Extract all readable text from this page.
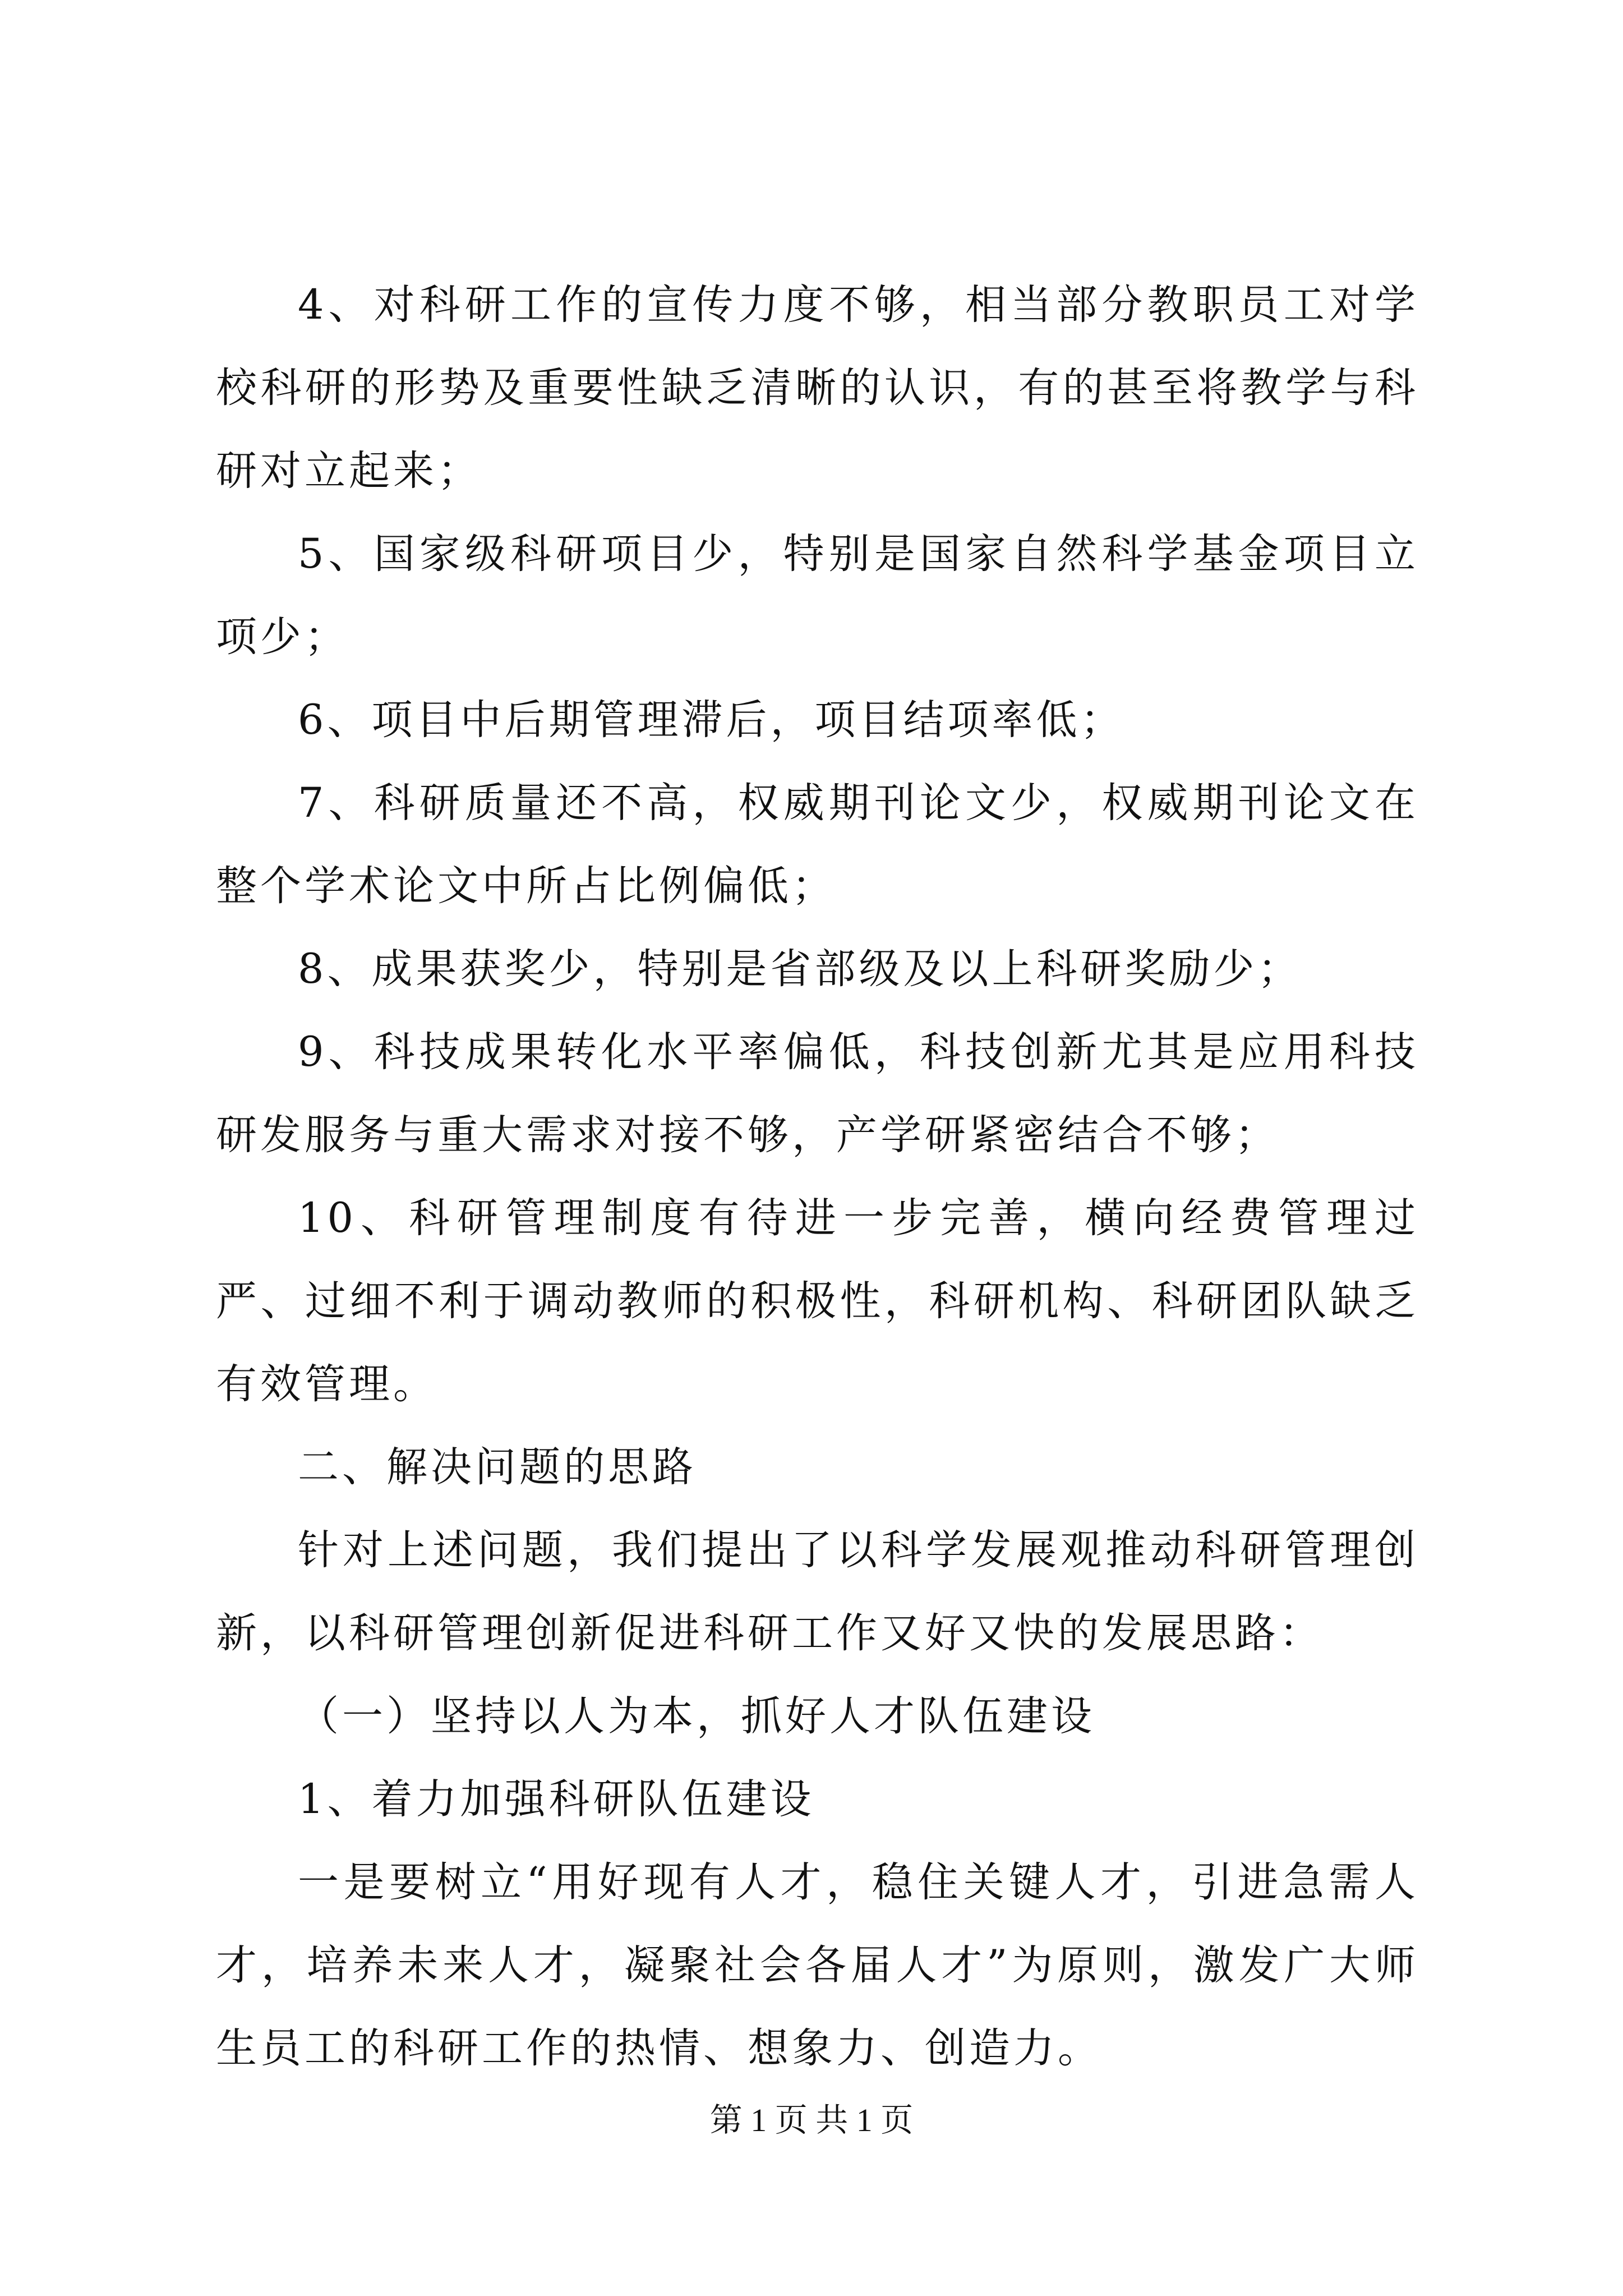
4、对科研工作的宣传力度不够，相当部分教职员工对学校科研的形势及重要性缺乏清晰的认识，有的甚至将教学与科研对立起来；

5、国家级科研项目少，特别是国家自然科学基金项目立项少；

6、项目中后期管理滞后，项目结项率低；

7、科研质量还不高，权威期刊论文少，权威期刊论文在整个学术论文中所占比例偏低；

8、成果获奖少，特别是省部级及以上科研奖励少；

9、科技成果转化水平率偏低，科技创新尤其是应用科技研发服务与重大需求对接不够，产学研紧密结合不够；

10、科研管理制度有待进一步完善，横向经费管理过严、过细不利于调动教师的积极性，科研机构、科研团队缺乏有效管理。

二、解决问题的思路

针对上述问题，我们提出了以科学发展观推动科研管理创新，以科研管理创新促进科研工作又好又快的发展思路：

（一）坚持以人为本，抓好人才队伍建设

1、着力加强科研队伍建设

一是要树立“用好现有人才，稳住关键人才，引进急需人才，培养未来人才，凝聚社会各届人才”为原则，激发广大师生员工的科研工作的热情、想象力、创造力。

第 1 页 共 1 页
